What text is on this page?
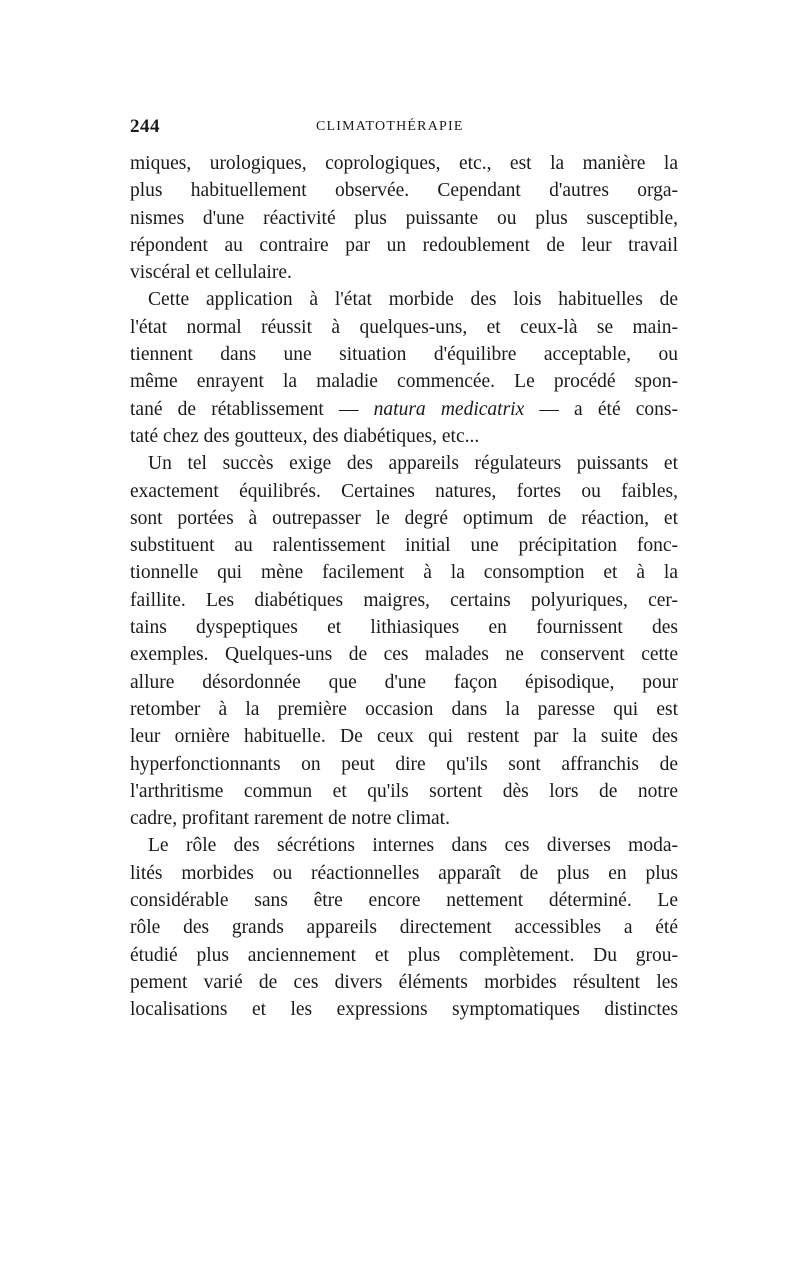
244	CLIMATOTHÉRAPIE
miques, urologiques, coprologiques, etc., est la manière la
plus habituellement observée. Cependant d'autres orga-
nismes d'une réactivité plus puissante ou plus susceptible,
répondent au contraire par un redoublement de leur travail
viscéral et cellulaire.
Cette application à l'état morbide des lois habituelles de
l'état normal réussit à quelques-uns, et ceux-là se main-
tiennent dans une situation d'équilibre acceptable, ou
même enrayent la maladie commencée. Le procédé spon-
tané de rétablissement — natura medicatrix — a été cons-
taté chez des goutteux, des diabétiques, etc...
Un tel succès exige des appareils régulateurs puissants et
exactement équilibrés. Certaines natures, fortes ou faibles,
sont portées à outrepasser le degré optimum de réaction, et
substituent au ralentissement initial une précipitation fonc-
tionnelle qui mène facilement à la consomption et à la
faillite. Les diabétiques maigres, certains polyuriques, cer-
tains dyspeptiques et lithiasiques en fournissent des
exemples. Quelques-uns de ces malades ne conservent cette
allure désordonnée que d'une façon épisodique, pour
retomber à la première occasion dans la paresse qui est
leur ornière habituelle. De ceux qui restent par la suite des
hyperfonctionnants on peut dire qu'ils sont affranchis de
l'arthritisme commun et qu'ils sortent dès lors de notre
cadre, profitant rarement de notre climat.
Le rôle des sécrétions internes dans ces diverses moda-
lités morbides ou réactionnelles apparaît de plus en plus
considérable sans être encore nettement déterminé. Le
rôle des grands appareils directement accessibles a été
étudié plus anciennement et plus complètement. Du grou-
pement varié de ces divers éléments morbides résultent les
localisations et les expressions symptomatiques distinctes
